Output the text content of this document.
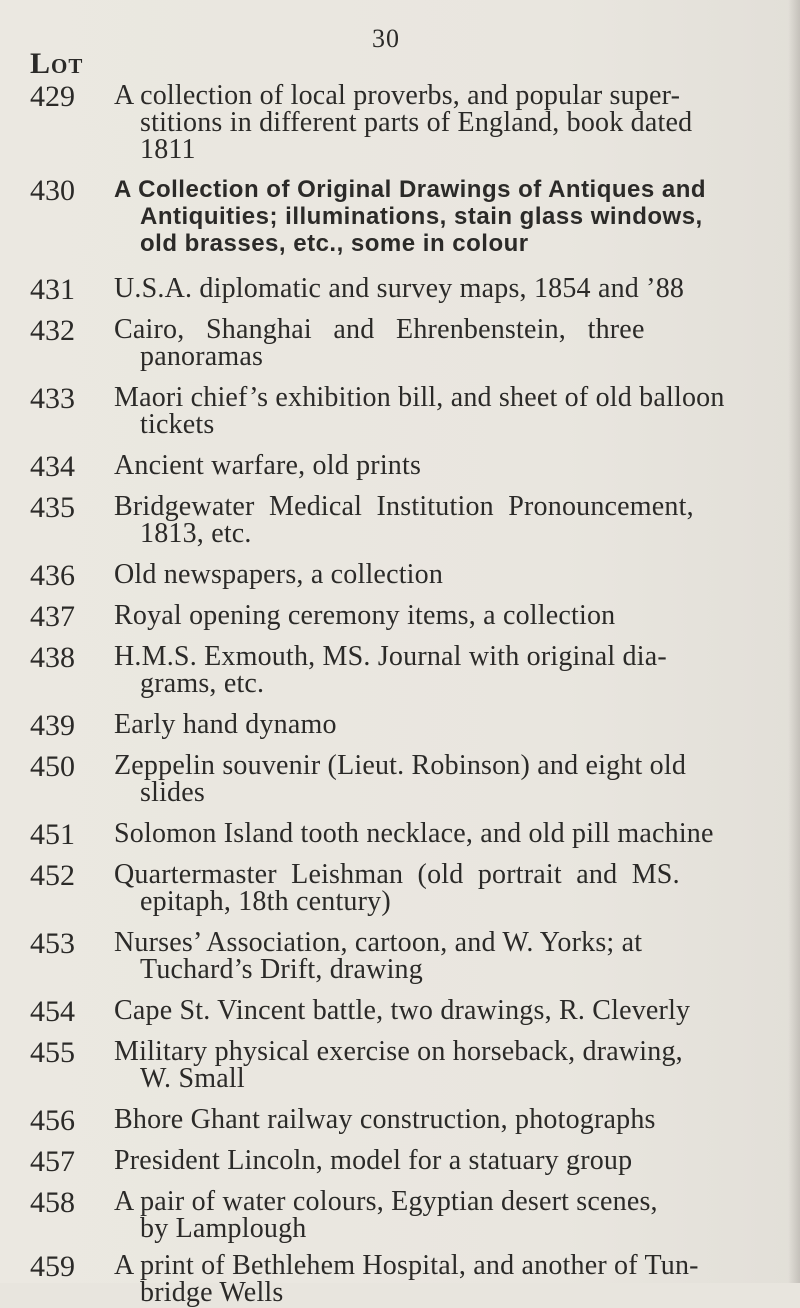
30
Lot
429	A collection of local proverbs, and popular super-
stitions in different parts of England, book dated
1811
430	A Collection of Original Drawings of Antiques and
Antiquities; illuminations, stain glass windows,
old brasses, etc., some in colour
431	U.S.A. diplomatic and survey maps, 1854 and ’88
432	Cairo,   Shanghai   and   Ehrenbenstein,   three
panoramas
433	Maori chief’s exhibition bill, and sheet of old balloon
tickets
434	Ancient warfare, old prints
435	Bridgewater  Medical  Institution  Pronouncement,
1813, etc.
436	Old newspapers, a collection
437	Royal opening ceremony items, a collection
438	H.M.S. Exmouth, MS. Journal with original dia-
grams, etc.
439	Early hand dynamo
450	Zeppelin souvenir (Lieut. Robinson) and eight old
slides
451	Solomon Island tooth necklace, and old pill machine
452	Quartermaster  Leishman  (old  portrait  and  MS.
epitaph, 18th century)
453	Nurses’ Association, cartoon, and W. Yorks; at
Tuchard’s Drift, drawing
454	Cape St. Vincent battle, two drawings, R. Cleverly
455	Military physical exercise on horseback, drawing,
W. Small
456	Bhore Ghant railway construction, photographs
457	President Lincoln, model for a statuary group
458	A pair of water colours, Egyptian desert scenes,
by Lamplough
459	A print of Bethlehem Hospital, and another of Tun-
bridge Wells
